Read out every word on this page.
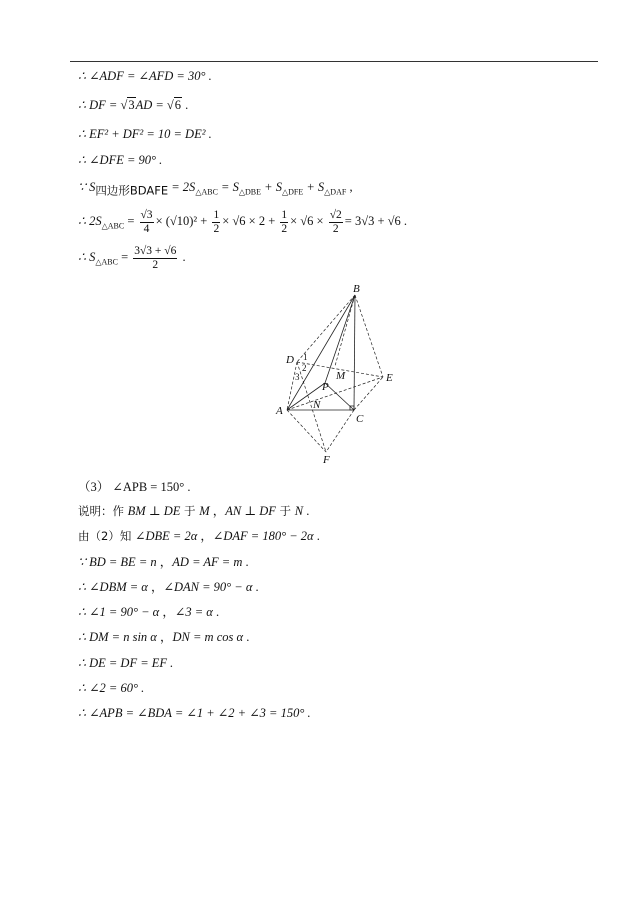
∴ ∠ADF = ∠AFD = 30° .
∴ DF = √3AD = √6 .
∴ EF² + DF² = 10 = DE² .
∴ ∠DFE = 90° .
∵ $S_{四边形BDAFE} = 2S_{\triangle ABC} = S_{\triangle DBE} + S_{\triangle DFE} + S_{\triangle DAF}$ ,
∴ $2S_{\triangle ABC} = \frac{√3}{4} \times (√10)^2 + \frac{1}{2} \times √6 \times 2 + \frac{1}{2} \times √6 \times \frac{√2}{2} = 3√3 + √6$ .
∴ $S_{\triangle ABC} = \frac{3√3 + √6}{2}$ .
B
D 1
2
3	M
P
E
A	N
C
F
（3） ∠APB = 150° .
说明：作 BM ⊥ DE 于 M ，AN ⊥ DF 于 N .
由（2）知 ∠DBE = 2α ，∠DAF = 180° − 2α .
∵ BD = BE = n ，AD = AF = m .
∴ ∠DBM = α ，∠DAN = 90° − α .
∴ ∠1 = 90° − α ，∠3 = α .
∴ DM = n sin α ，DN = m cos α .
∴ DE = DF = EF .
∴ ∠2 = 60° .
∴ ∠APB = ∠BDA = ∠1 + ∠2 + ∠3 = 150° .
